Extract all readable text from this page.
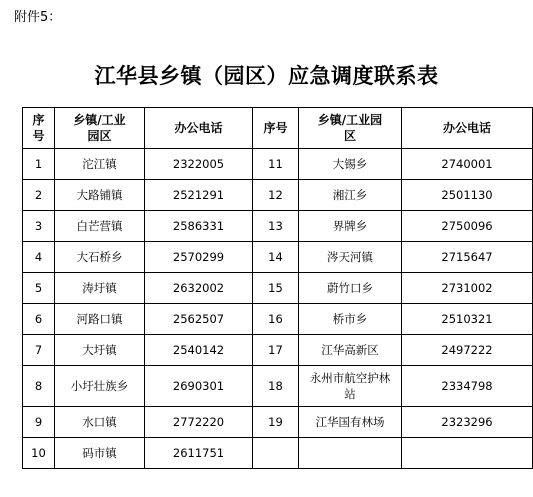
附件5：
江华县乡镇（园区）应急调度联系表
序号	乡镇/工业园区	办公电话	序号	乡镇/工业园区	办公电话
1	沱江镇	2322005	11	大锡乡	2740001
2	大路铺镇	2521291	12	湘江乡	2501130
3	白芒营镇	2586331	13	界牌乡	2750096
4	大石桥乡	2570299	14	涔天河镇	2715647
5	涛圩镇	2632002	15	蔚竹口乡	2731002
6	河路口镇	2562507	16	桥市乡	2510321
7	大圩镇	2540142	17	江华高新区	2497222
8	小圩壮族乡	2690301	18	永州市航空护林站	2334798
9	水口镇	2772220	19	江华国有林场	2323296
10	码市镇	2611751			
